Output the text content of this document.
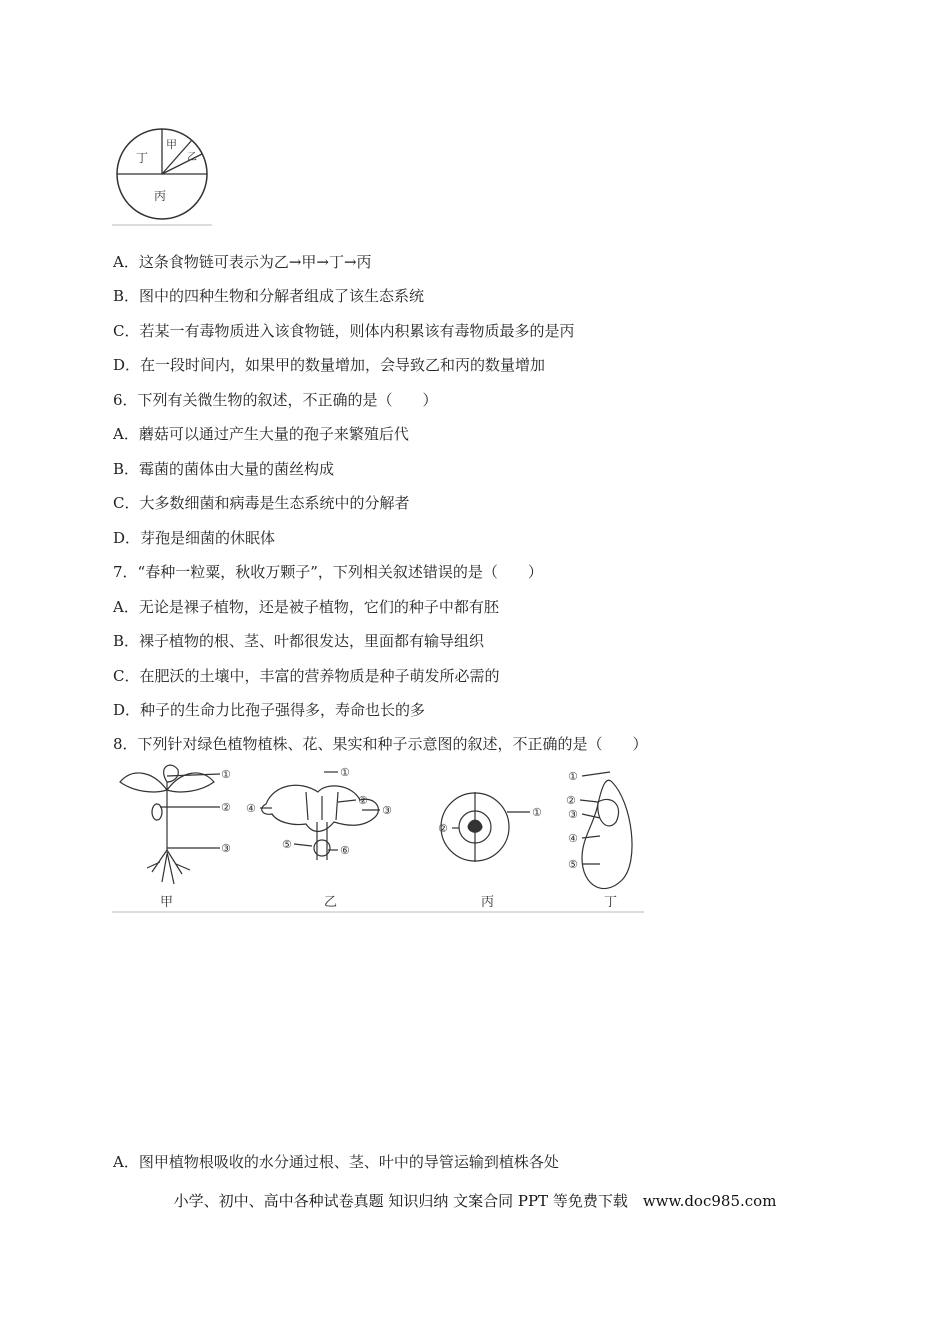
甲
乙
丙
丁
A．这条食物链可表示为乙→甲→丁→丙
B．图中的四种生物和分解者组成了该生态系统
C．若某一有毒物质进入该食物链，则体内积累该有毒物质最多的是丙
D．在一段时间内，如果甲的数量增加，会导致乙和丙的数量增加
6．下列有关微生物的叙述，不正确的是（　　）
A．蘑菇可以通过产生大量的孢子来繁殖后代
B．霉菌的菌体由大量的菌丝构成
C．大多数细菌和病毒是生态系统中的分解者
D．芽孢是细菌的休眠体
7．“春种一粒粟，秋收万颗子”，下列相关叙述错误的是（　　）
A．无论是裸子植物，还是被子植物，它们的种子中都有胚
B．裸子植物的根、茎、叶都很发达，里面都有输导组织
C．在肥沃的土壤中，丰富的营养物质是种子萌发所必需的
D．种子的生命力比孢子强得多，寿命也长的多
8．下列针对绿色植物植株、花、果实和种子示意图的叙述，不正确的是（　　）
①
②
③
①
②
③
④
⑤	⑥
②
①
①
②
③
④
⑤
甲	乙	丙	丁
A．图甲植物根吸收的水分通过根、茎、叶中的导管运输到植株各处
小学、初中、高中各种试卷真题 知识归纳 文案合同 PPT 等免费下载　www.doc985.com
